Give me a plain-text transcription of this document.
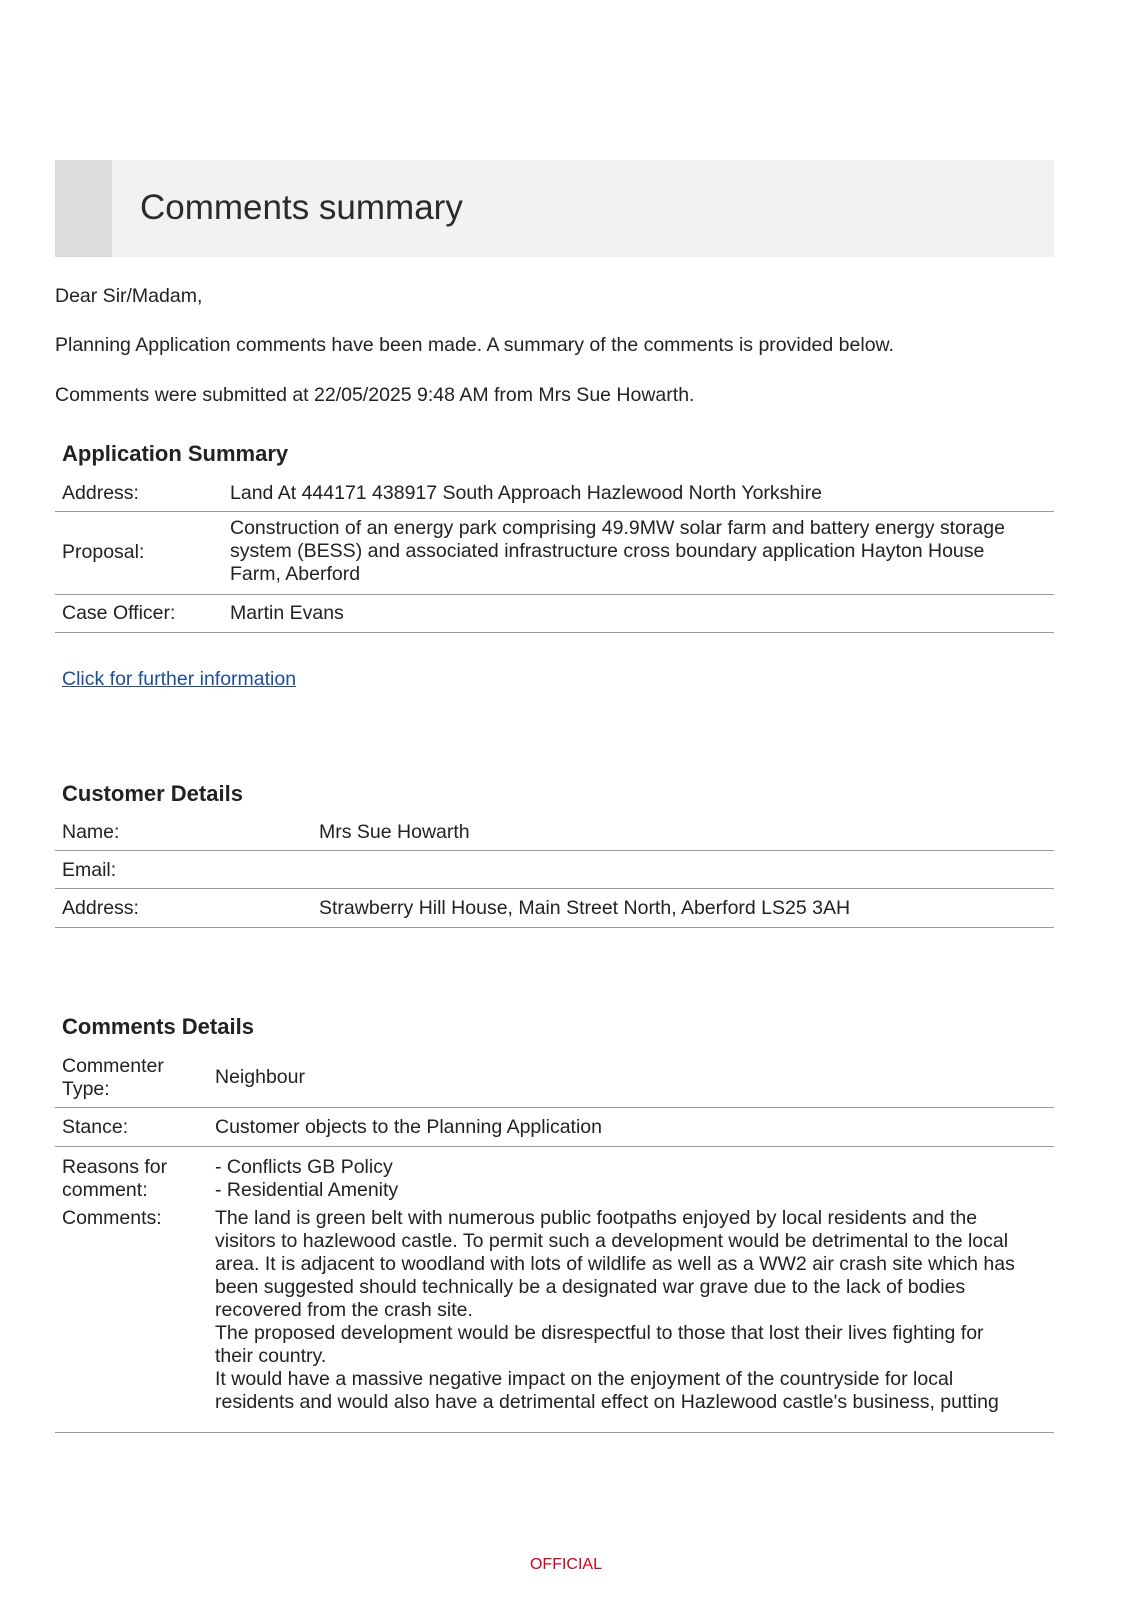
Comments summary
Dear Sir/Madam,
Planning Application comments have been made. A summary of the comments is provided below.
Comments were submitted at 22/05/2025 9:48 AM from Mrs Sue Howarth.
Application Summary
Address:	Land At 444171 438917 South Approach Hazlewood North Yorkshire
Proposal:
Construction of an energy park comprising 49.9MW solar farm and battery energy storage
system (BESS) and associated infrastructure cross boundary application Hayton House
Farm, Aberford
Case Officer:	Martin Evans
Click for further information
Customer Details
Name:	Mrs Sue Howarth
Email:
Address:	Strawberry Hill House, Main Street North, Aberford LS25 3AH
Comments Details
Commenter
Type:
Neighbour
Stance:	Customer objects to the Planning Application
Reasons for
comment:
- Conflicts GB Policy
- Residential Amenity
Comments:	The land is green belt with numerous public footpaths enjoyed by local residents and the
visitors to hazlewood castle. To permit such a development would be detrimental to the local
area. It is adjacent to woodland with lots of wildlife as well as a WW2 air crash site which has
been suggested should technically be a designated war grave due to the lack of bodies
recovered from the crash site.
The proposed development would be disrespectful to those that lost their lives fighting for
their country.
It would have a massive negative impact on the enjoyment of the countryside for local
residents and would also have a detrimental effect on Hazlewood castle's business, putting
OFFICIAL
